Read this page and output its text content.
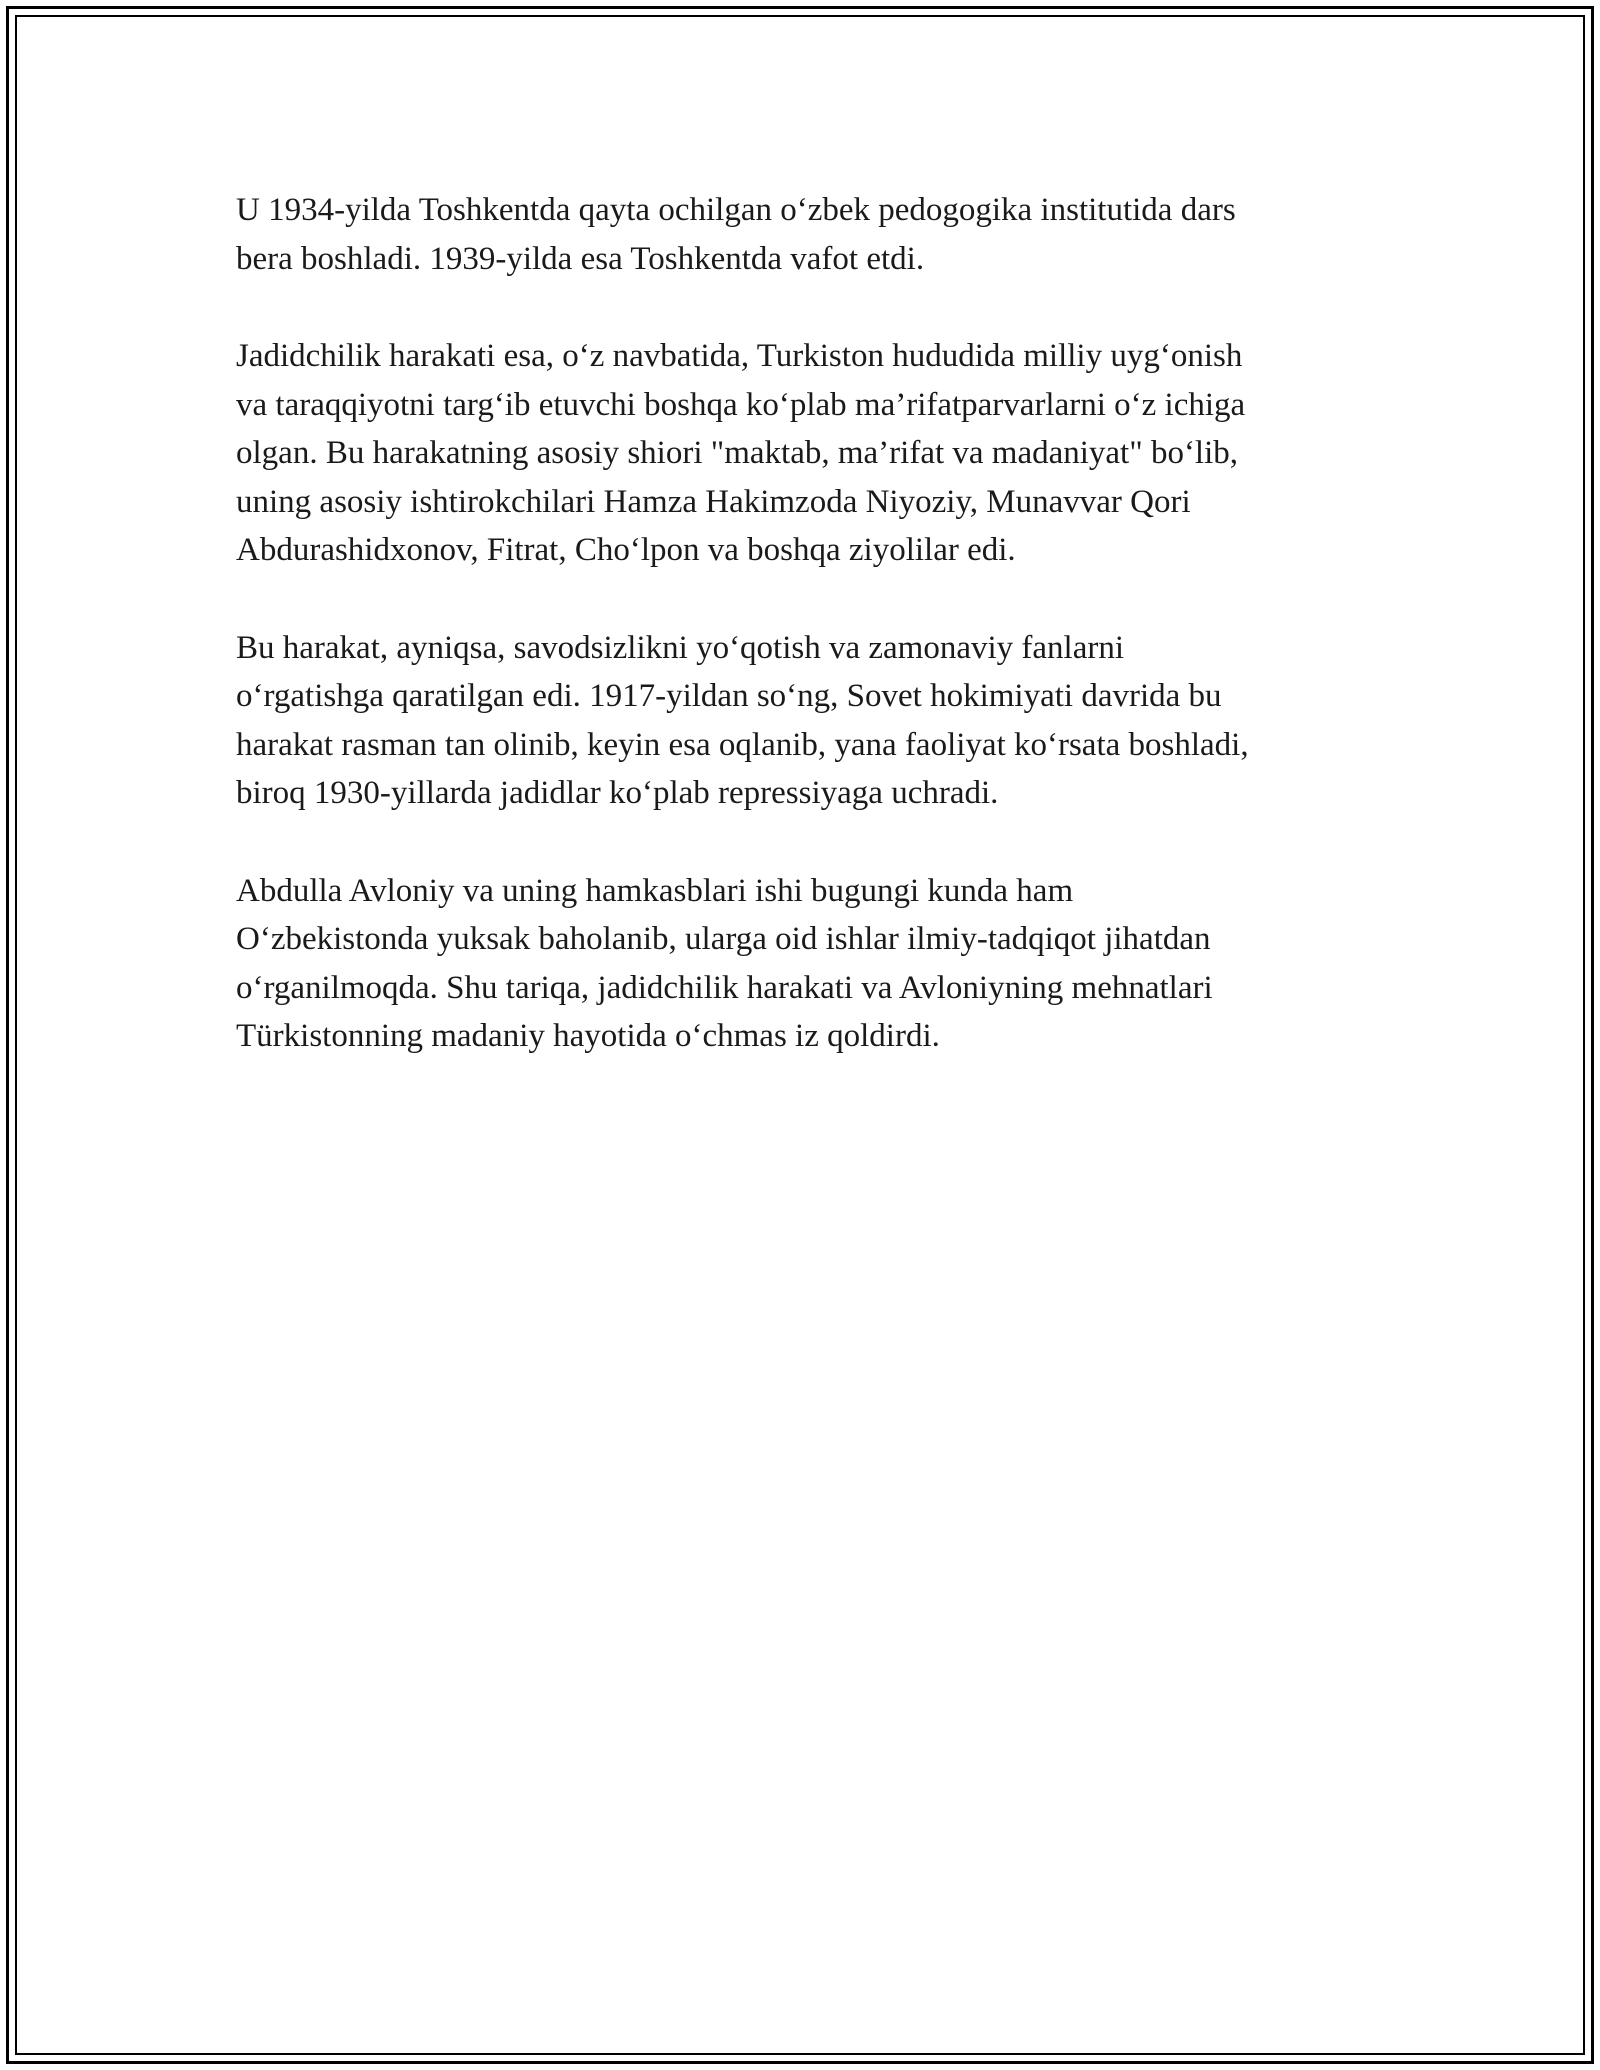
U 1934-yilda Toshkentda qayta ochilgan o‘zbek pedogogika institutida dars
bera boshladi. 1939-yilda esa Toshkentda vafot etdi.

Jadidchilik harakati esa, o‘z navbatida, Turkiston hududida milliy uyg‘onish
va taraqqiyotni targ‘ib etuvchi boshqa ko‘plab ma’rifatparvarlarni o‘z ichiga
olgan. Bu harakatning asosiy shiori "maktab, ma’rifat va madaniyat" bo‘lib,
uning asosiy ishtirokchilari Hamza Hakimzoda Niyoziy, Munavvar Qori
Abdurashidxonov, Fitrat, Cho‘lpon va boshqa ziyolilar edi.

Bu harakat, ayniqsa, savodsizlikni yo‘qotish va zamonaviy fanlarni
o‘rgatishga qaratilgan edi. 1917-yildan so‘ng, Sovet hokimiyati davrida bu
harakat rasman tan olinib, keyin esa oqlanib, yana faoliyat ko‘rsata boshladi,
biroq 1930-yillarda jadidlar ko‘plab repressiyaga uchradi.

Abdulla Avloniy va uning hamkasblari ishi bugungi kunda ham
O‘zbekistonda yuksak baholanib, ularga oid ishlar ilmiy-tadqiqot jihatdan
o‘rganilmoqda. Shu tariqa, jadidchilik harakati va Avloniyning mehnatlari
Türkistonning madaniy hayotida o‘chmas iz qoldirdi.
